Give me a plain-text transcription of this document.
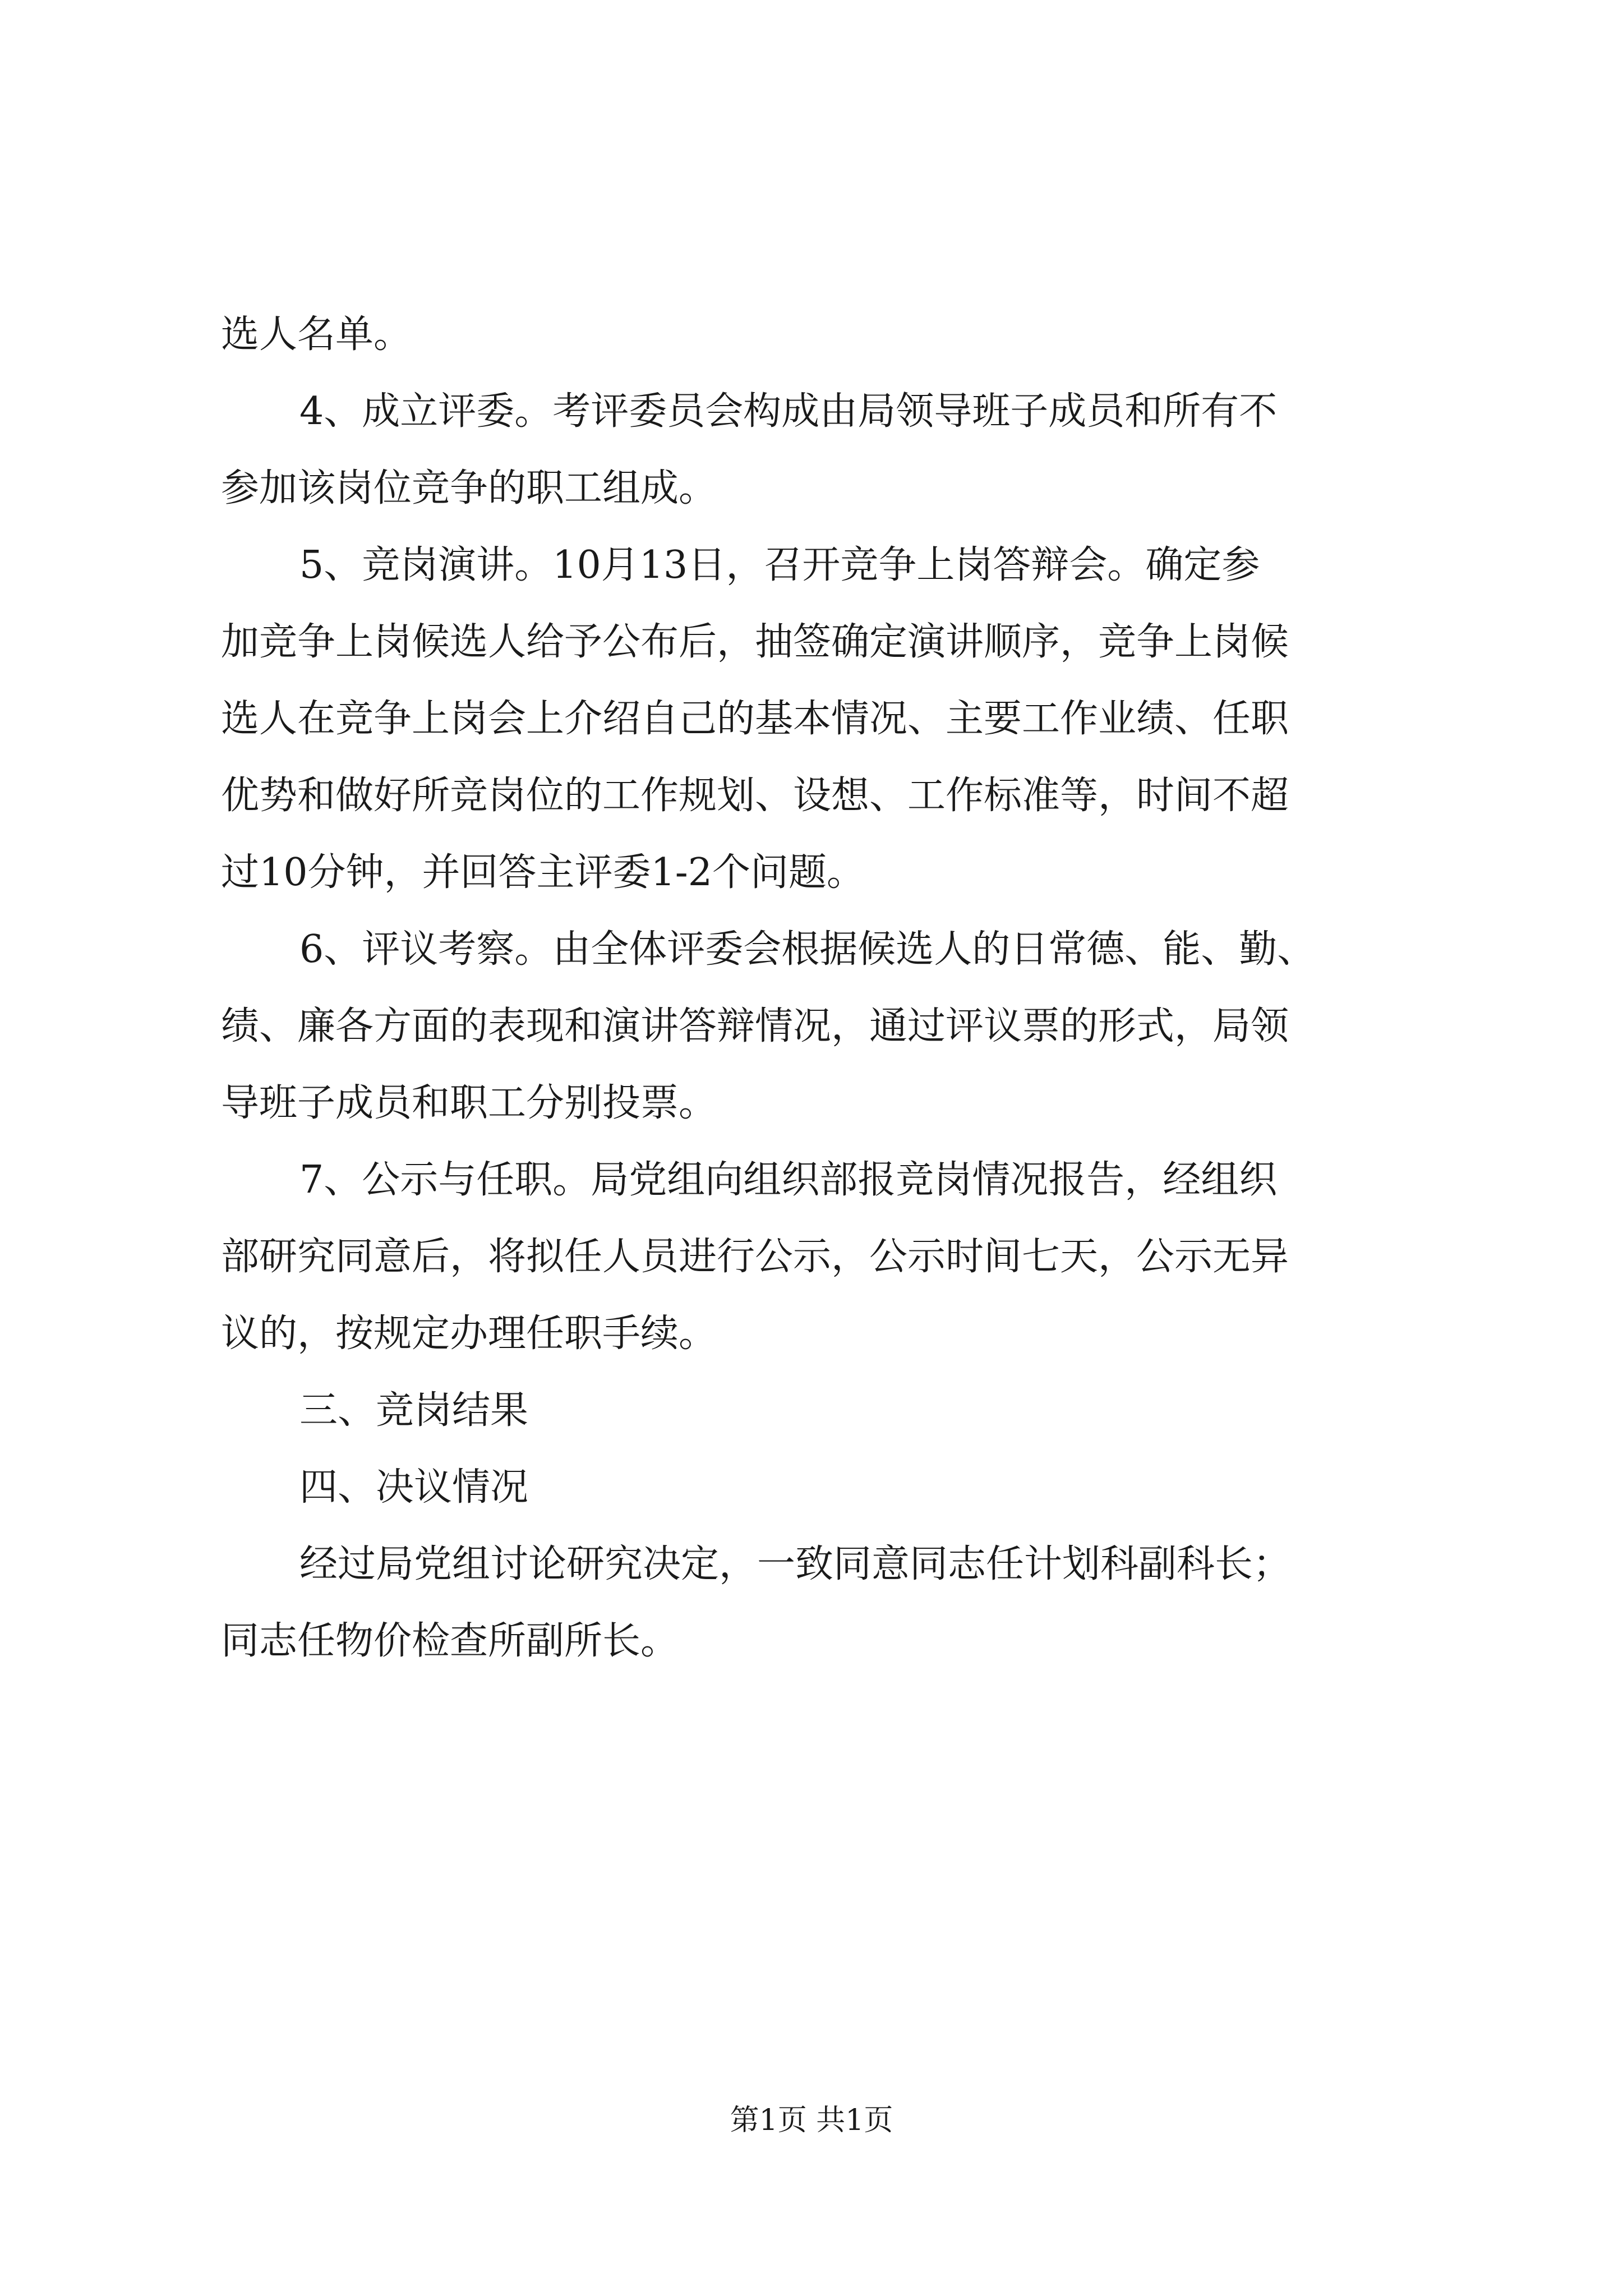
选人名单。
4、成立评委。考评委员会构成由局领导班子成员和所有不
参加该岗位竞争的职工组成。
5、竞岗演讲。10月13日，召开竞争上岗答辩会。确定参
加竞争上岗候选人给予公布后，抽签确定演讲顺序，竞争上岗候
选人在竞争上岗会上介绍自己的基本情况、主要工作业绩、任职
优势和做好所竞岗位的工作规划、设想、工作标准等，时间不超
过10分钟，并回答主评委1-2个问题。
6、评议考察。由全体评委会根据候选人的日常德、能、勤、
绩、廉各方面的表现和演讲答辩情况，通过评议票的形式，局领
导班子成员和职工分别投票。
7、公示与任职。局党组向组织部报竞岗情况报告，经组织
部研究同意后，将拟任人员进行公示，公示时间七天，公示无异
议的，按规定办理任职手续。
三、竞岗结果
四、决议情况
经过局党组讨论研究决定，一致同意同志任计划科副科长；
同志任物价检查所副所长。
第1页 共1页
